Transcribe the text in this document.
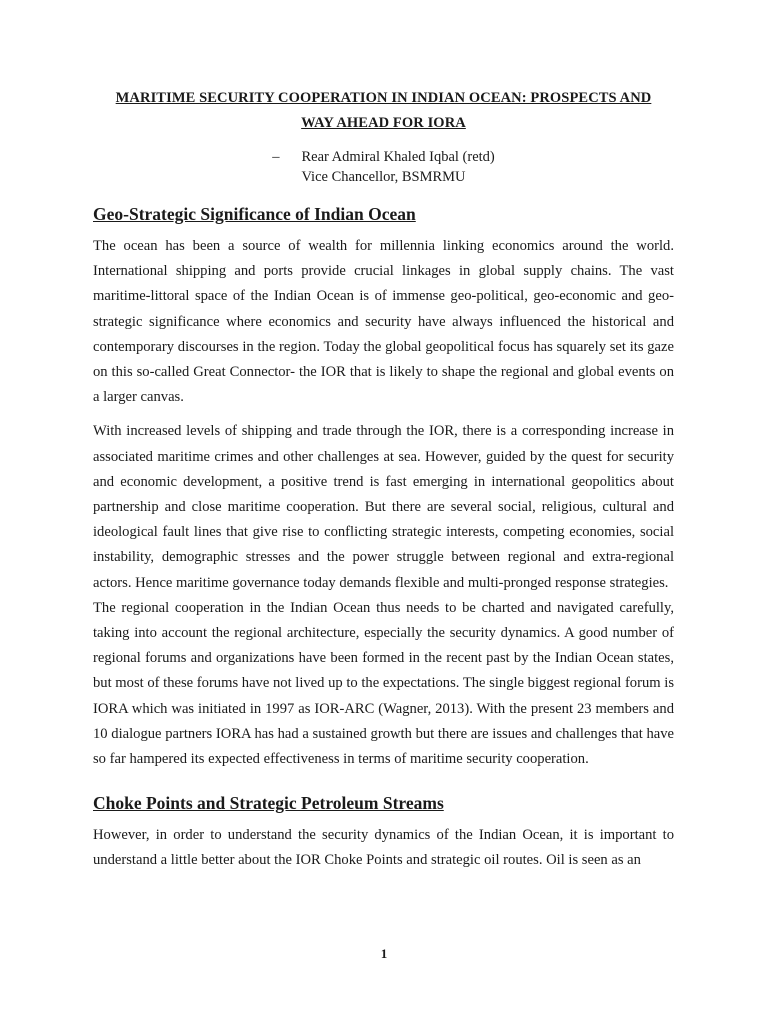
MARITIME SECURITY COOPERATION IN INDIAN OCEAN: PROSPECTS AND
WAY AHEAD FOR IORA
– Rear Admiral Khaled Iqbal (retd)
Vice Chancellor, BSMRMU
Geo-Strategic Significance of Indian Ocean

The ocean has been a source of wealth for millennia linking economics around the world. International shipping and ports provide crucial linkages in global supply chains. The vast maritime-littoral space of the Indian Ocean is of immense geo-political, geo-economic and geo-strategic significance where economics and security have always influenced the historical and contemporary discourses in the region. Today the global geopolitical focus has squarely set its gaze on this so-called Great Connector- the IOR that is likely to shape the regional and global events on a larger canvas.

With increased levels of shipping and trade through the IOR, there is a corresponding increase in associated maritime crimes and other challenges at sea. However, guided by the quest for security and economic development, a positive trend is fast emerging in international geopolitics about partnership and close maritime cooperation. But there are several social, religious, cultural and ideological fault lines that give rise to conflicting strategic interests, competing economies, social instability, demographic stresses and the power struggle between regional and extra-regional actors. Hence maritime governance today demands flexible and multi-pronged response strategies.

The regional cooperation in the Indian Ocean thus needs to be charted and navigated carefully, taking into account the regional architecture, especially the security dynamics. A good number of regional forums and organizations have been formed in the recent past by the Indian Ocean states, but most of these forums have not lived up to the expectations. The single biggest regional forum is IORA which was initiated in 1997 as IOR-ARC (Wagner, 2013). With the present 23 members and 10 dialogue partners IORA has had a sustained growth but there are issues and challenges that have so far hampered its expected effectiveness in terms of maritime security cooperation.

Choke Points and Strategic Petroleum Streams

However, in order to understand the security dynamics of the Indian Ocean, it is important to understand a little better about the IOR Choke Points and strategic oil routes. Oil is seen as an

1
